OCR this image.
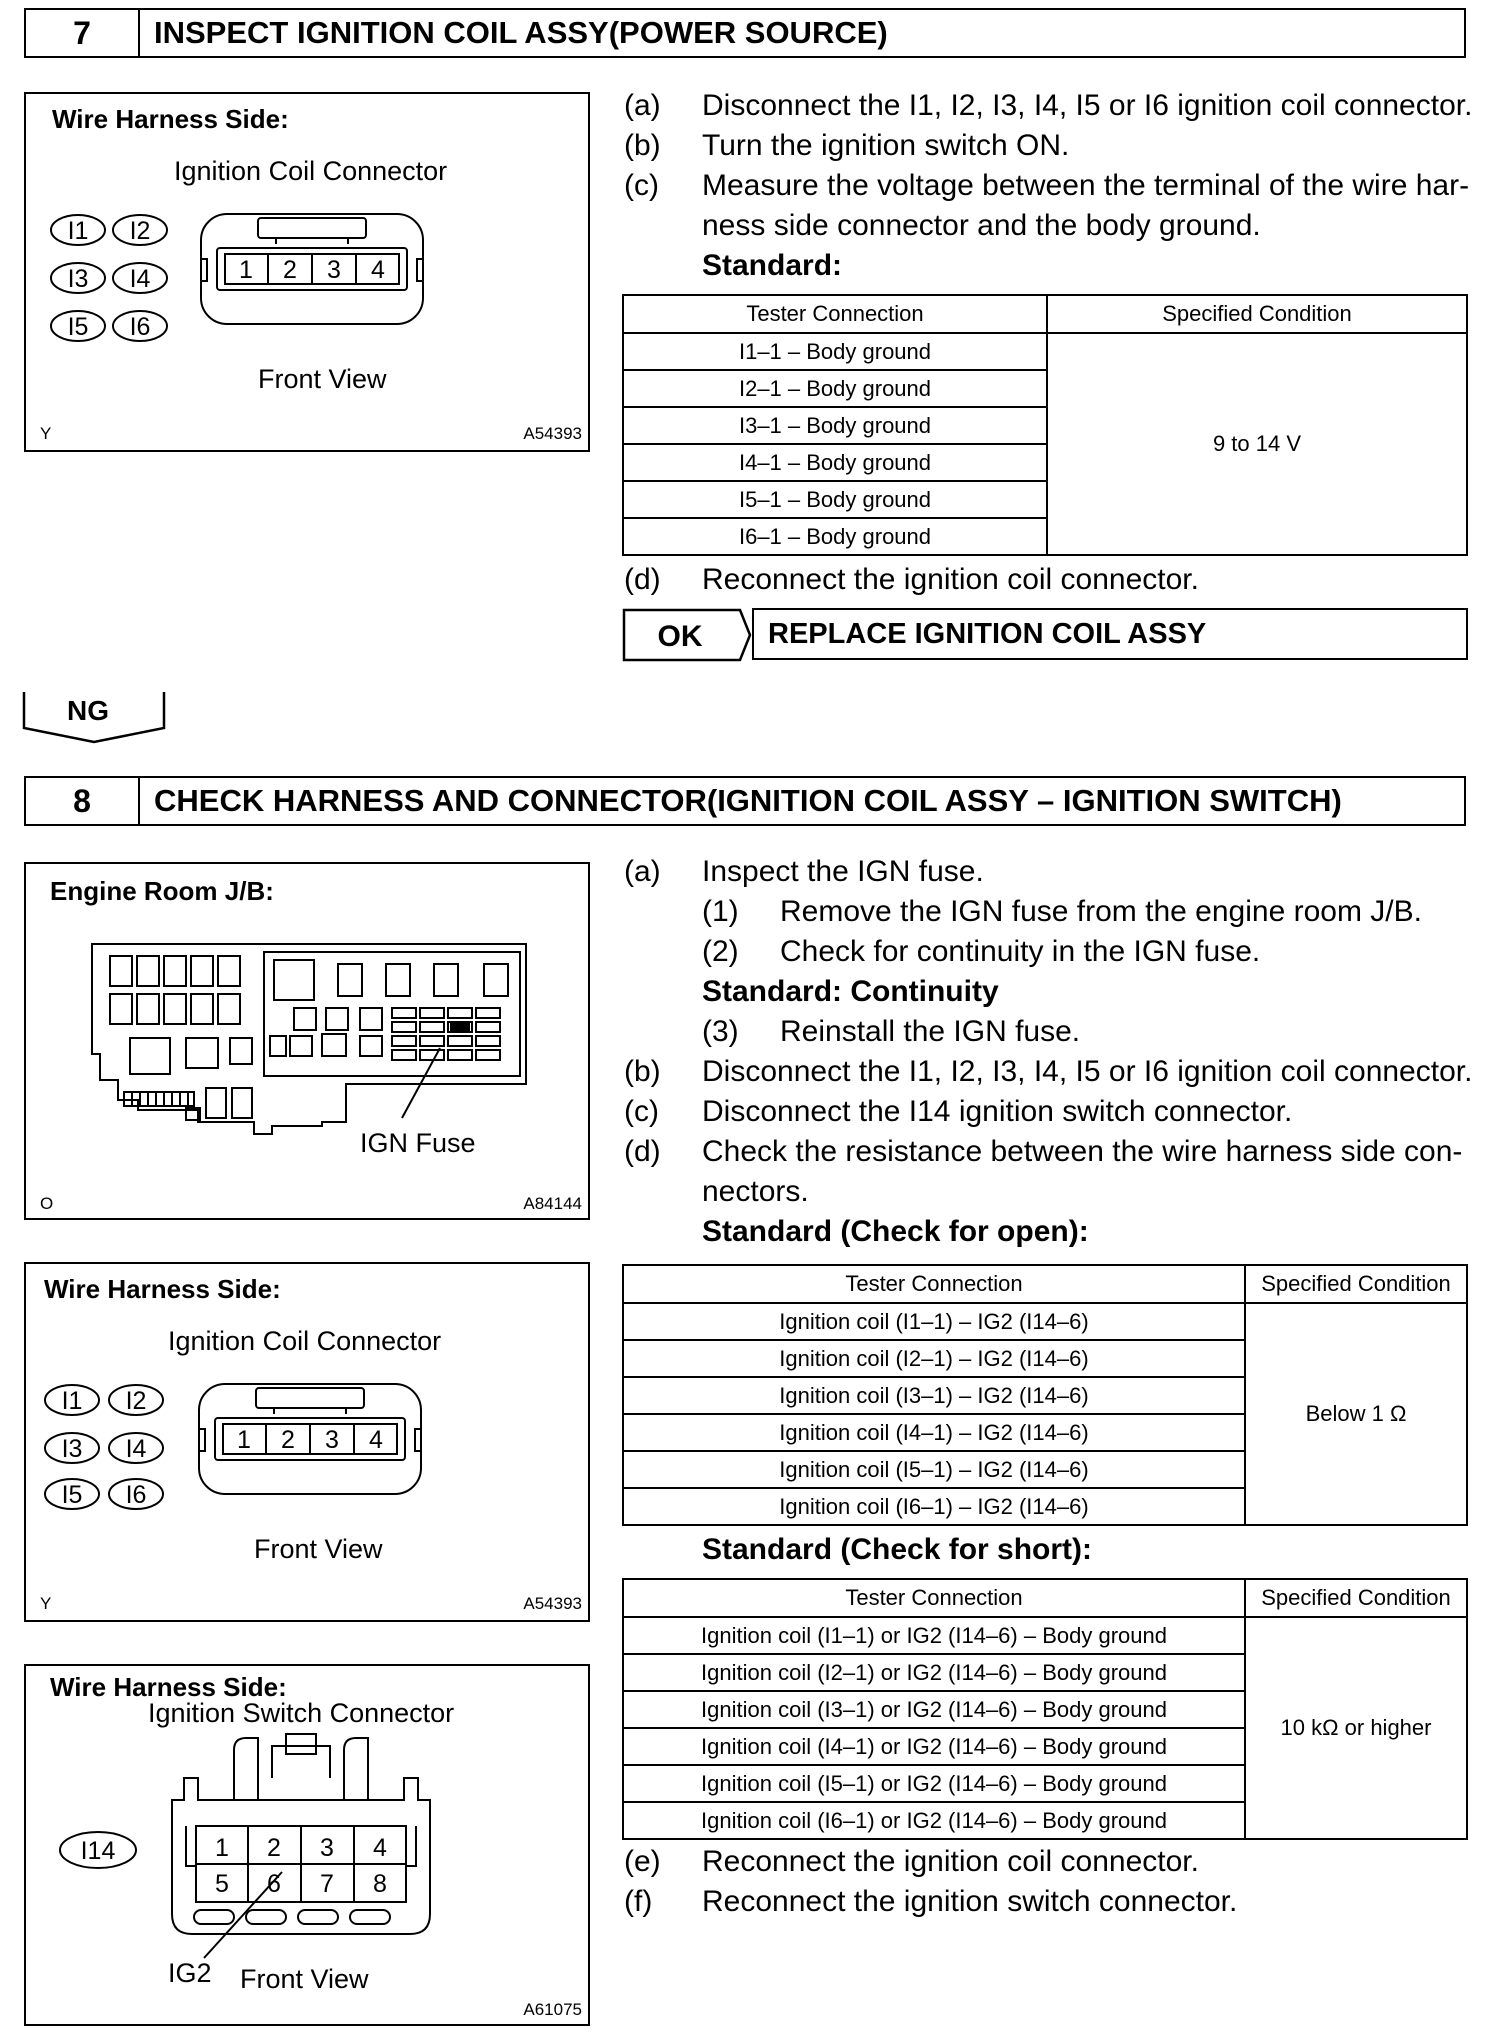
7	INSPECT IGNITION COIL ASSY(POWER SOURCE)
Wire Harness Side:
Ignition Coil Connector
I1 I2
I3 I4
I5 I6
1 2 3 4
Front View
Y	A54393
(a) Disconnect the I1, I2, I3, I4, I5 or I6 ignition coil connector.
(b) Turn the ignition switch ON.
(c) Measure the voltage between the terminal of the wire har-
ness side connector and the body ground.
Standard:
Tester Connection	Specified Condition
I1–1 – Body ground	9 to 14 V
I2–1 – Body ground	
I3–1 – Body ground	
I4–1 – Body ground	
I5–1 – Body ground	
I6–1 – Body ground	
(d) Reconnect the ignition coil connector.
OK REPLACE IGNITION COIL ASSY
NG
8	CHECK HARNESS AND CONNECTOR(IGNITION COIL ASSY – IGNITION SWITCH)
Engine Room J/B:
IGN Fuse
O	A84144
Wire Harness Side:
Ignition Coil Connector
I1 I2
I3 I4
I5 I6
1 2 3 4
Front View
Y	A54393
Wire Harness Side:
Ignition Switch Connector
I14	1 2 3 4
5 6 7 8
IG2 Front View
A61075
(a) Inspect the IGN fuse.
(1) Remove the IGN fuse from the engine room J/B.
(2) Check for continuity in the IGN fuse.
Standard: Continuity
(3) Reinstall the IGN fuse.
(b) Disconnect the I1, I2, I3, I4, I5 or I6 ignition coil connector.
(c) Disconnect the I14 ignition switch connector.
(d) Check the resistance between the wire harness side con-
nectors.
Standard (Check for open):
Tester Connection	Specified Condition
Ignition coil (I1–1) – IG2 (I14–6)	Below 1 Ω
Ignition coil (I2–1) – IG2 (I14–6)	
Ignition coil (I3–1) – IG2 (I14–6)	
Ignition coil (I4–1) – IG2 (I14–6)	
Ignition coil (I5–1) – IG2 (I14–6)	
Ignition coil (I6–1) – IG2 (I14–6)	
Standard (Check for short):
Tester Connection	Specified Condition
Ignition coil (I1–1) or IG2 (I14–6) – Body ground	10 kΩ or higher
Ignition coil (I2–1) or IG2 (I14–6) – Body ground	
Ignition coil (I3–1) or IG2 (I14–6) – Body ground	
Ignition coil (I4–1) or IG2 (I14–6) – Body ground	
Ignition coil (I5–1) or IG2 (I14–6) – Body ground	
Ignition coil (I6–1) or IG2 (I14–6) – Body ground	
(e) Reconnect the ignition coil connector.
(f) Reconnect the ignition switch connector.
